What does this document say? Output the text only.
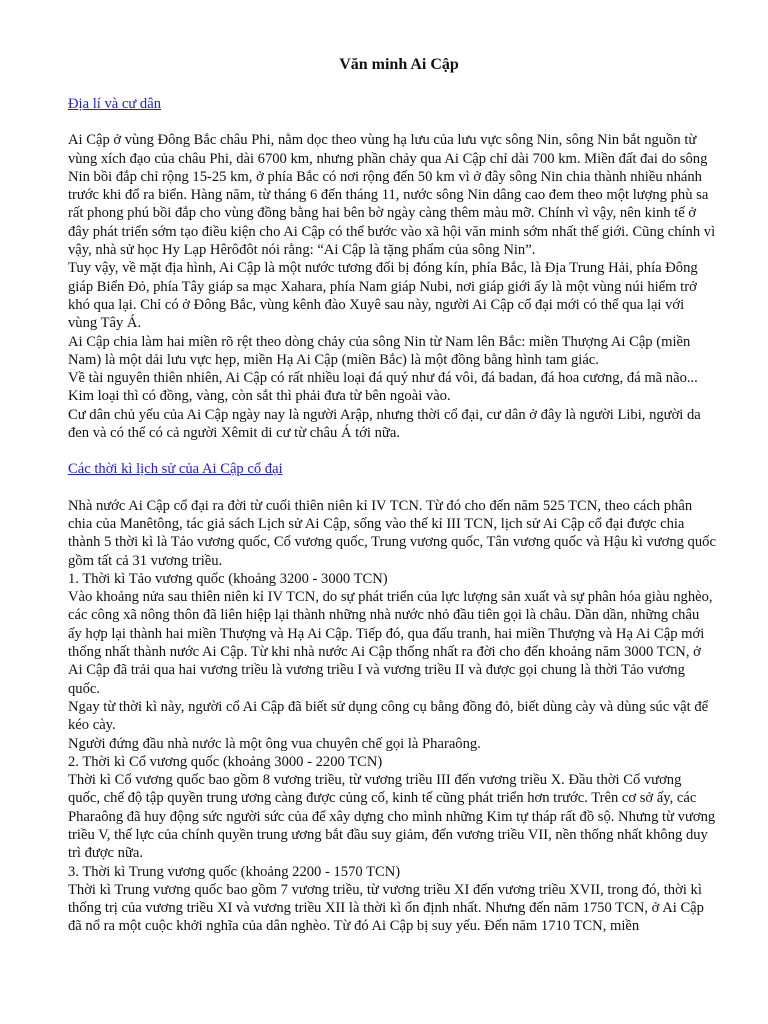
Văn minh Ai Cập
Địa lí và cư dân

Ai Cập ở vùng Đông Bắc châu Phi, nằm dọc theo vùng hạ lưu của lưu vực sông Nin, sông Nin bắt nguồn từ vùng xích đạo của châu Phi, dài 6700 km, nhưng phần chảy qua Ai Cập chỉ dài 700 km. Miền đất đai do sông Nin bồi đắp chỉ rộng 15-25 km, ở phía Bắc có nơi rộng đến 50 km vì ở đây sông Nin chia thành nhiều nhánh trước khi đổ ra biển. Hàng năm, từ tháng 6 đến tháng 11, nước sông Nin dâng cao đem theo một lượng phù sa rất phong phú bồi đắp cho vùng đồng bằng hai bên bờ ngày càng thêm màu mỡ. Chính vì vậy, nên kinh tế ở đây phát triển sớm tạo điều kiện cho Ai Cập có thể bước vào xã hội văn minh sớm nhất thế giới. Cũng chính vì vậy, nhà sử học Hy Lạp Hêrôđôt nói rằng: “Ai Cập là tặng phẩm của sông Nin”.

Tuy vậy, về mặt địa hình, Ai Cập là một nước tương đối bị đóng kín, phía Bắc, là Địa Trung Hải, phía Đông giáp Biển Đỏ, phía Tây giáp sa mạc Xahara, phía Nam giáp Nubi, nơi giáp giới ấy là một vùng núi hiểm trở khó qua lại. Chỉ có ở Đông Bắc, vùng kênh đào Xuyê sau này, người Ai Cập cổ đại mới có thể qua lại với vùng Tây Á.

Ai Cập chia làm hai miền rõ rệt theo dòng chảy của sông Nin từ Nam lên Bắc: miền Thượng Ai Cập (miền Nam) là một dải lưu vực hẹp, miền Hạ Ai Cập (miền Bắc) là một đồng bằng hình tam giác.

Về tài nguyên thiên nhiên, Ai Cập có rất nhiều loại đá quý như đá vôi, đá badan, đá hoa cương, đá mã não... Kim loại thì có đồng, vàng, còn sắt thì phải đưa từ bên ngoài vào.

Cư dân chủ yếu của Ai Cập ngày nay là người Arập, nhưng thời cổ đại, cư dân ở đây là người Libi, người da đen và có thể có cả người Xêmit di cư từ châu Á tới nữa.

Các thời kì lịch sử của Ai Cập cổ đại

Nhà nước Ai Cập cổ đại ra đời từ cuối thiên niên kỉ IV TCN. Từ đó cho đến năm 525 TCN, theo cách phân chia của Manêtông, tác giả sách Lịch sử Ai Cập, sống vào thế kỉ III TCN, lịch sử Ai Cập cổ đại được chia thành 5 thời kì là Tảo vương quốc, Cổ vương quốc, Trung vương quốc, Tân vương quốc và Hậu kì vương quốc gồm tất cả 31 vương triều.

1. Thời kì Tảo vương quốc (khoảng 3200 - 3000 TCN)

Vào khoảng nửa sau thiên niên kỉ IV TCN, do sự phát triển của lực lượng sản xuất và sự phân hóa giàu nghèo, các công xã nông thôn đã liên hiệp lại thành những nhà nước nhỏ đầu tiên gọi là châu. Dần dần, những châu ấy hợp lại thành hai miền Thượng và Hạ Ai Cập. Tiếp đó, qua đấu tranh, hai miền Thượng và Hạ Ai Cập mới thống nhất thành nước Ai Cập. Từ khi nhà nước Ai Cập thống nhất ra đời cho đến khoảng năm 3000 TCN, ở Ai Cập đã trải qua hai vương triều là vương triều I và vương triều II và được gọi chung là thời Tảo vương quốc.

Ngay từ thời kì này, người cổ Ai Cập đã biết sử dụng công cụ bằng đồng đỏ, biết dùng cày và dùng súc vật để kéo cày.

Người đứng đầu nhà nước là một ông vua chuyên chế gọi là Pharaông.

2. Thời kì Cổ vương quốc (khoảng 3000 - 2200 TCN)

Thời kì Cổ vương quốc bao gồm 8 vương triều, từ vương triều III đến vương triều X. Đầu thời Cổ vương quốc, chế độ tập quyền trung ương càng được củng cố, kinh tế cũng phát triển hơn trước. Trên cơ sở ấy, các Pharaông đã huy động sức người sức của để xây dựng cho mình những Kim tự tháp rất đồ sộ. Nhưng từ vương triều V, thế lực của chính quyền trung ương bắt đầu suy giảm, đến vương triều VII, nền thống nhất không duy trì được nữa.

3. Thời kì Trung vương quốc (khoảng 2200 - 1570 TCN)

Thời kì Trung vương quốc bao gồm 7 vương triều, từ vương triều XI đến vương triều XVII, trong đó, thời kì thống trị của vương triều XI và vương triều XII là thời kì ổn định nhất. Nhưng đến năm 1750 TCN, ở Ai Cập đã nổ ra một cuộc khởi nghĩa của dân nghèo. Từ đó Ai Cập bị suy yếu. Đến năm 1710 TCN, miền
